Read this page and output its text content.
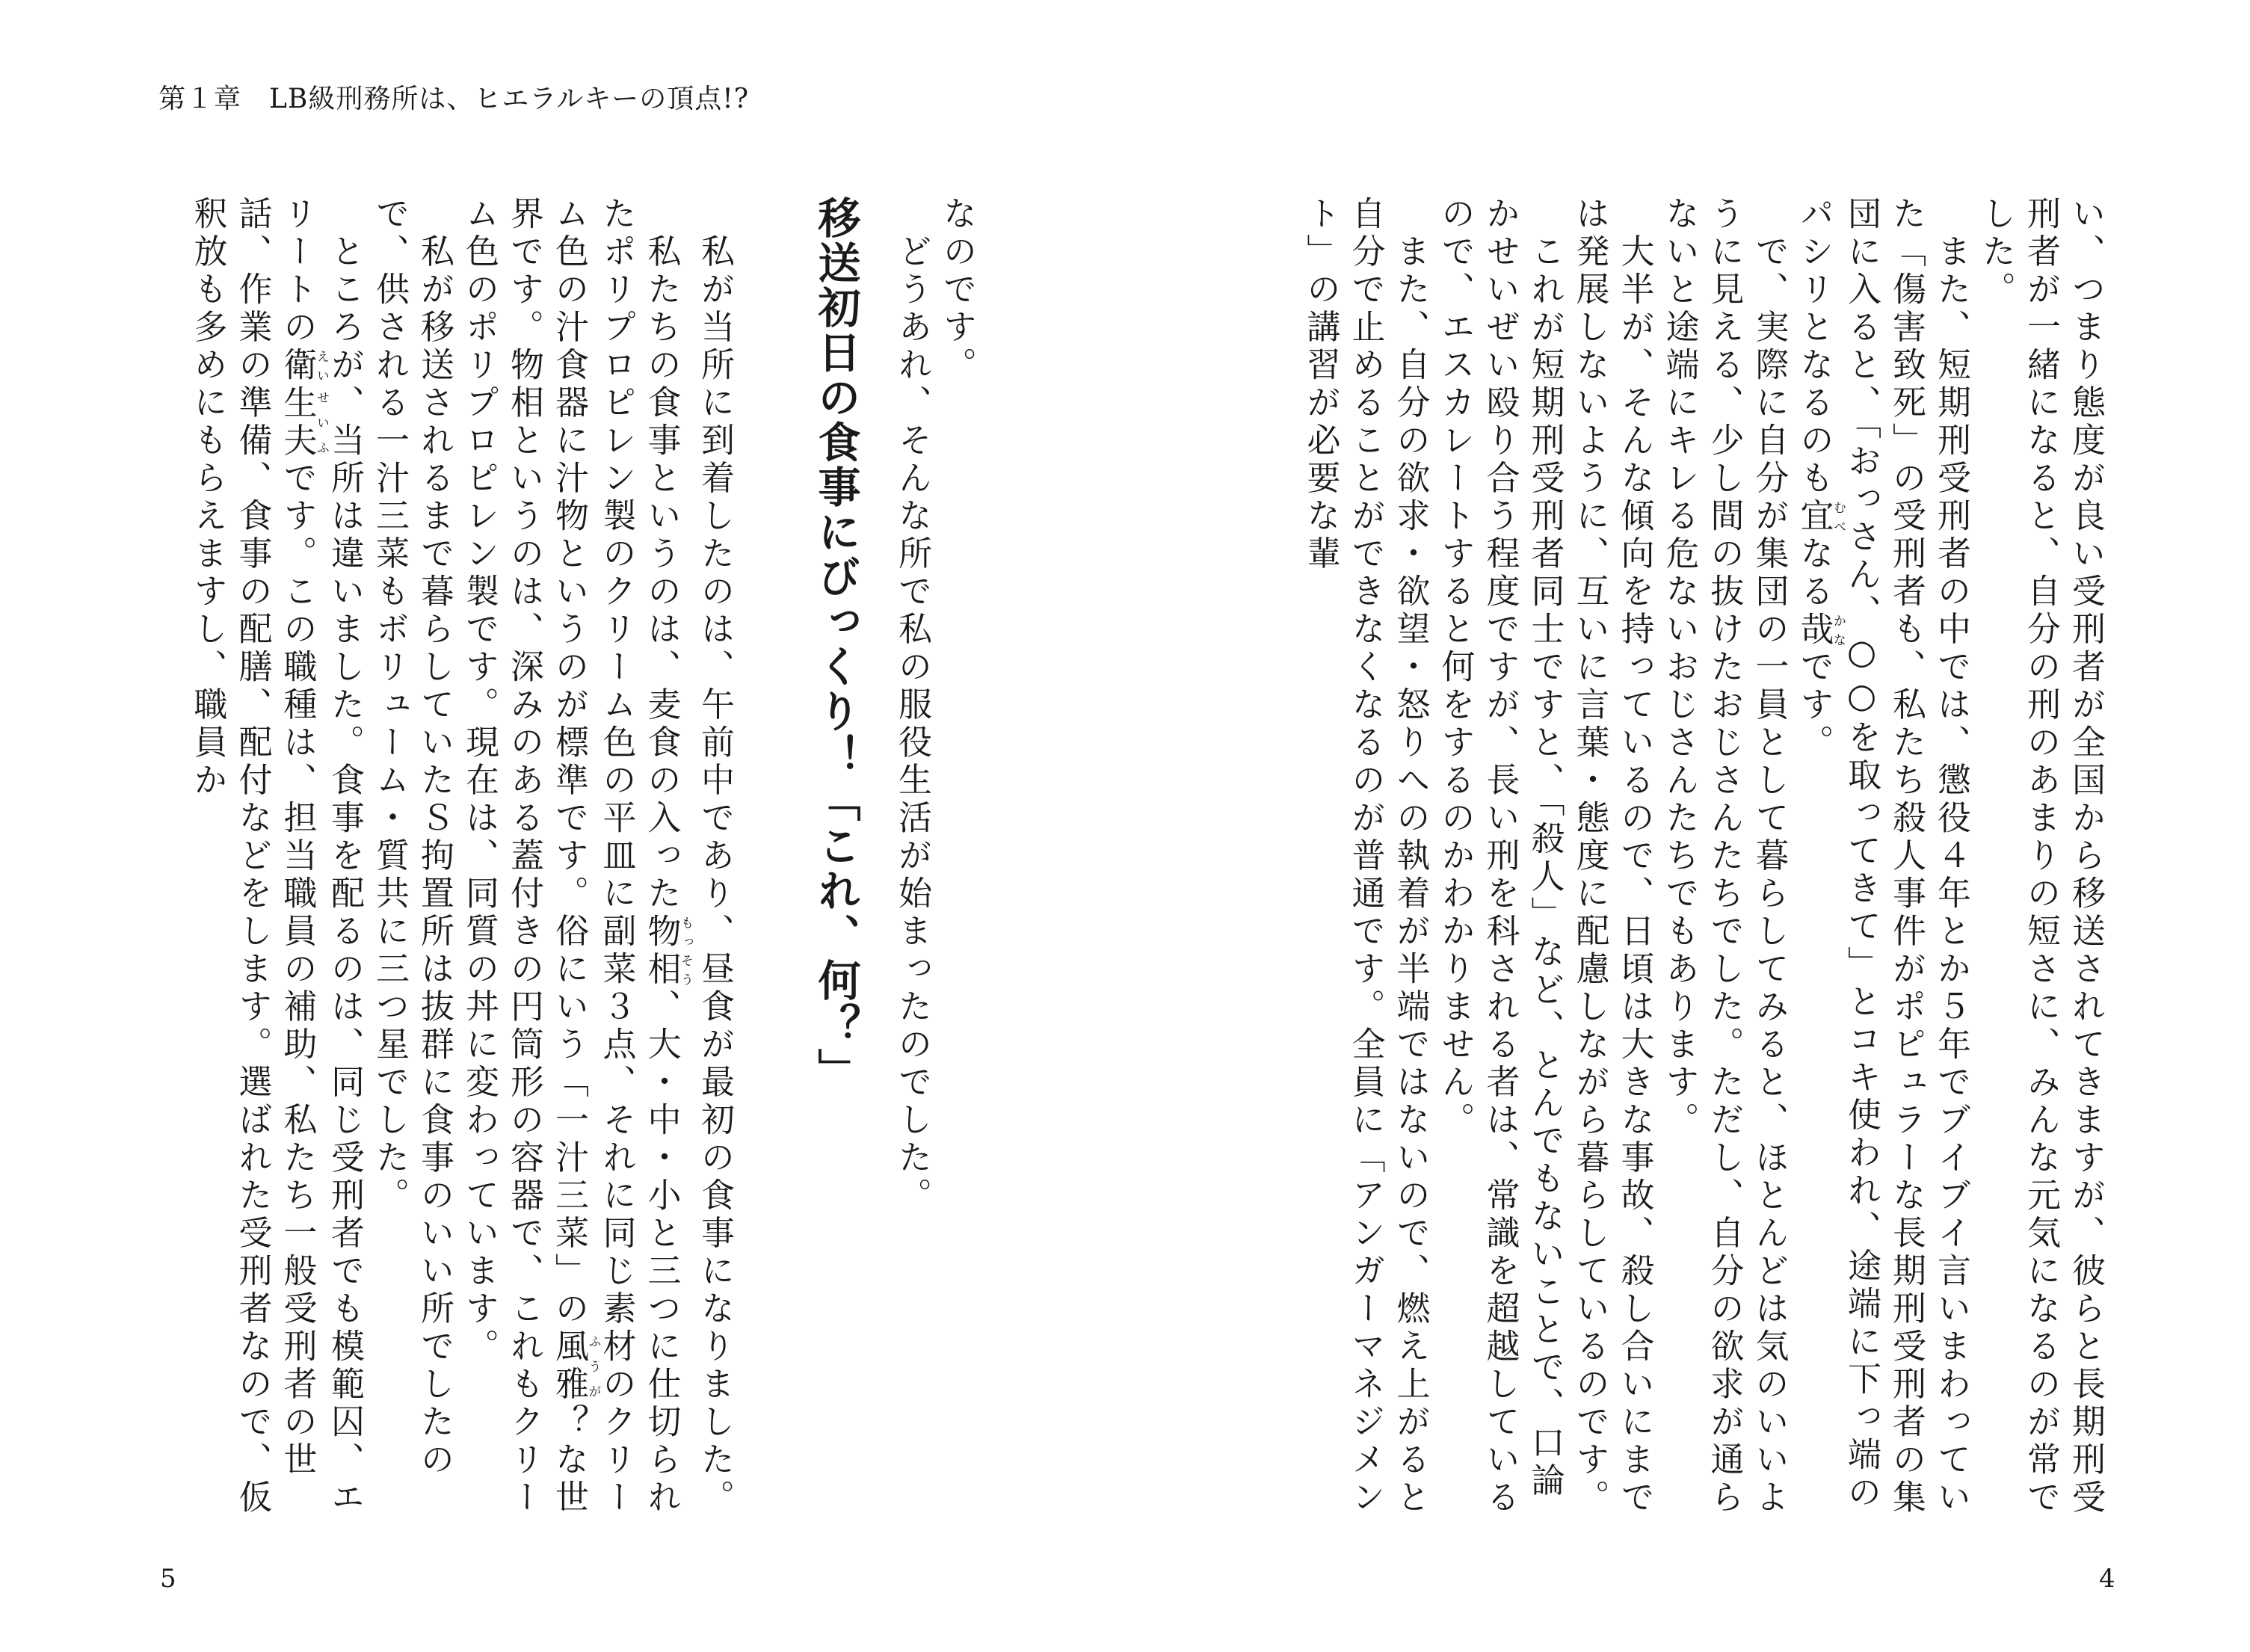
第１章　LB級刑務所は、ヒエラルキーの頂点!?

い、つまり態度が良い受刑者が全国から移送されてきますが、彼らと長期刑受刑者が一緒になると、自分の刑のあまりの短さに、みんな元気になるのが常でした。

　また、短期刑受刑者の中では、懲役４年とか５年でブイブイ言いまわっていた「傷害致死」の受刑者も、私たち殺人事件がポピュラーな長期刑受刑者の集団に入ると、「おっさん、○○を取ってきて」とコキ使われ、途端に下っ端のパシリとなるのも宜むべなる哉かなです。

　で、実際に自分が集団の一員として暮らしてみると、ほとんどは気のいいように見える、少し間の抜けたおじさんたちでした。ただし、自分の欲求が通らないと途端にキレる危ないおじさんたちでもあります。

　大半が、そんな傾向を持っているので、日頃は大きな事故、殺し合いにまでは発展しないように、互いに言葉・態度に配慮しながら暮らしているのです。

　これが短期刑受刑者同士ですと、「殺人」など、とんでもないことで、口論かせいぜい殴り合う程度ですが、長い刑を科される者は、常識を超越しているので、エスカレートすると何をするのかわかりません。

　また、自分の欲求・欲望・怒りへの執着が半端ではないので、燃え上がると自分で止めることができなくなるのが普通です。全員に「アンガーマネジメント」の講習が必要な輩

なのです。

　どうあれ、そんな所で私の服役生活が始まったのでした。

移送初日の食事にびっくり！「これ、何？」

　私が当所に到着したのは、午前中であり、昼食が最初の食事になりました。

　私たちの食事というのは、麦食の入った物相もっそう、大・中・小と三つに仕切られたポリプロピレン製のクリーム色の平皿に副菜３点、それに同じ素材のクリーム色の汁食器に汁物というのが標準です。俗にいう「一汁三菜」の風雅ふうが？な世界です。物相というのは、深みのある蓋付きの円筒形の容器で、これもクリーム色のポリプロピレン製です。現在は、同質の丼に変わっています。

　私が移送されるまで暮らしていたＳ拘置所は抜群に食事のいい所でしたので、供される一汁三菜もボリューム・質共に三つ星でした。

　ところが、当所は違いました。食事を配るのは、同じ受刑者でも模範囚、エリートの衛えい生夫せいふです。この職種は、担当職員の補助、私たち一般受刑者の世話、作業の準備、食事の配膳、配付などをします。選ばれた受刑者なので、仮釈放も多めにもらえますし、職員か

5	4
